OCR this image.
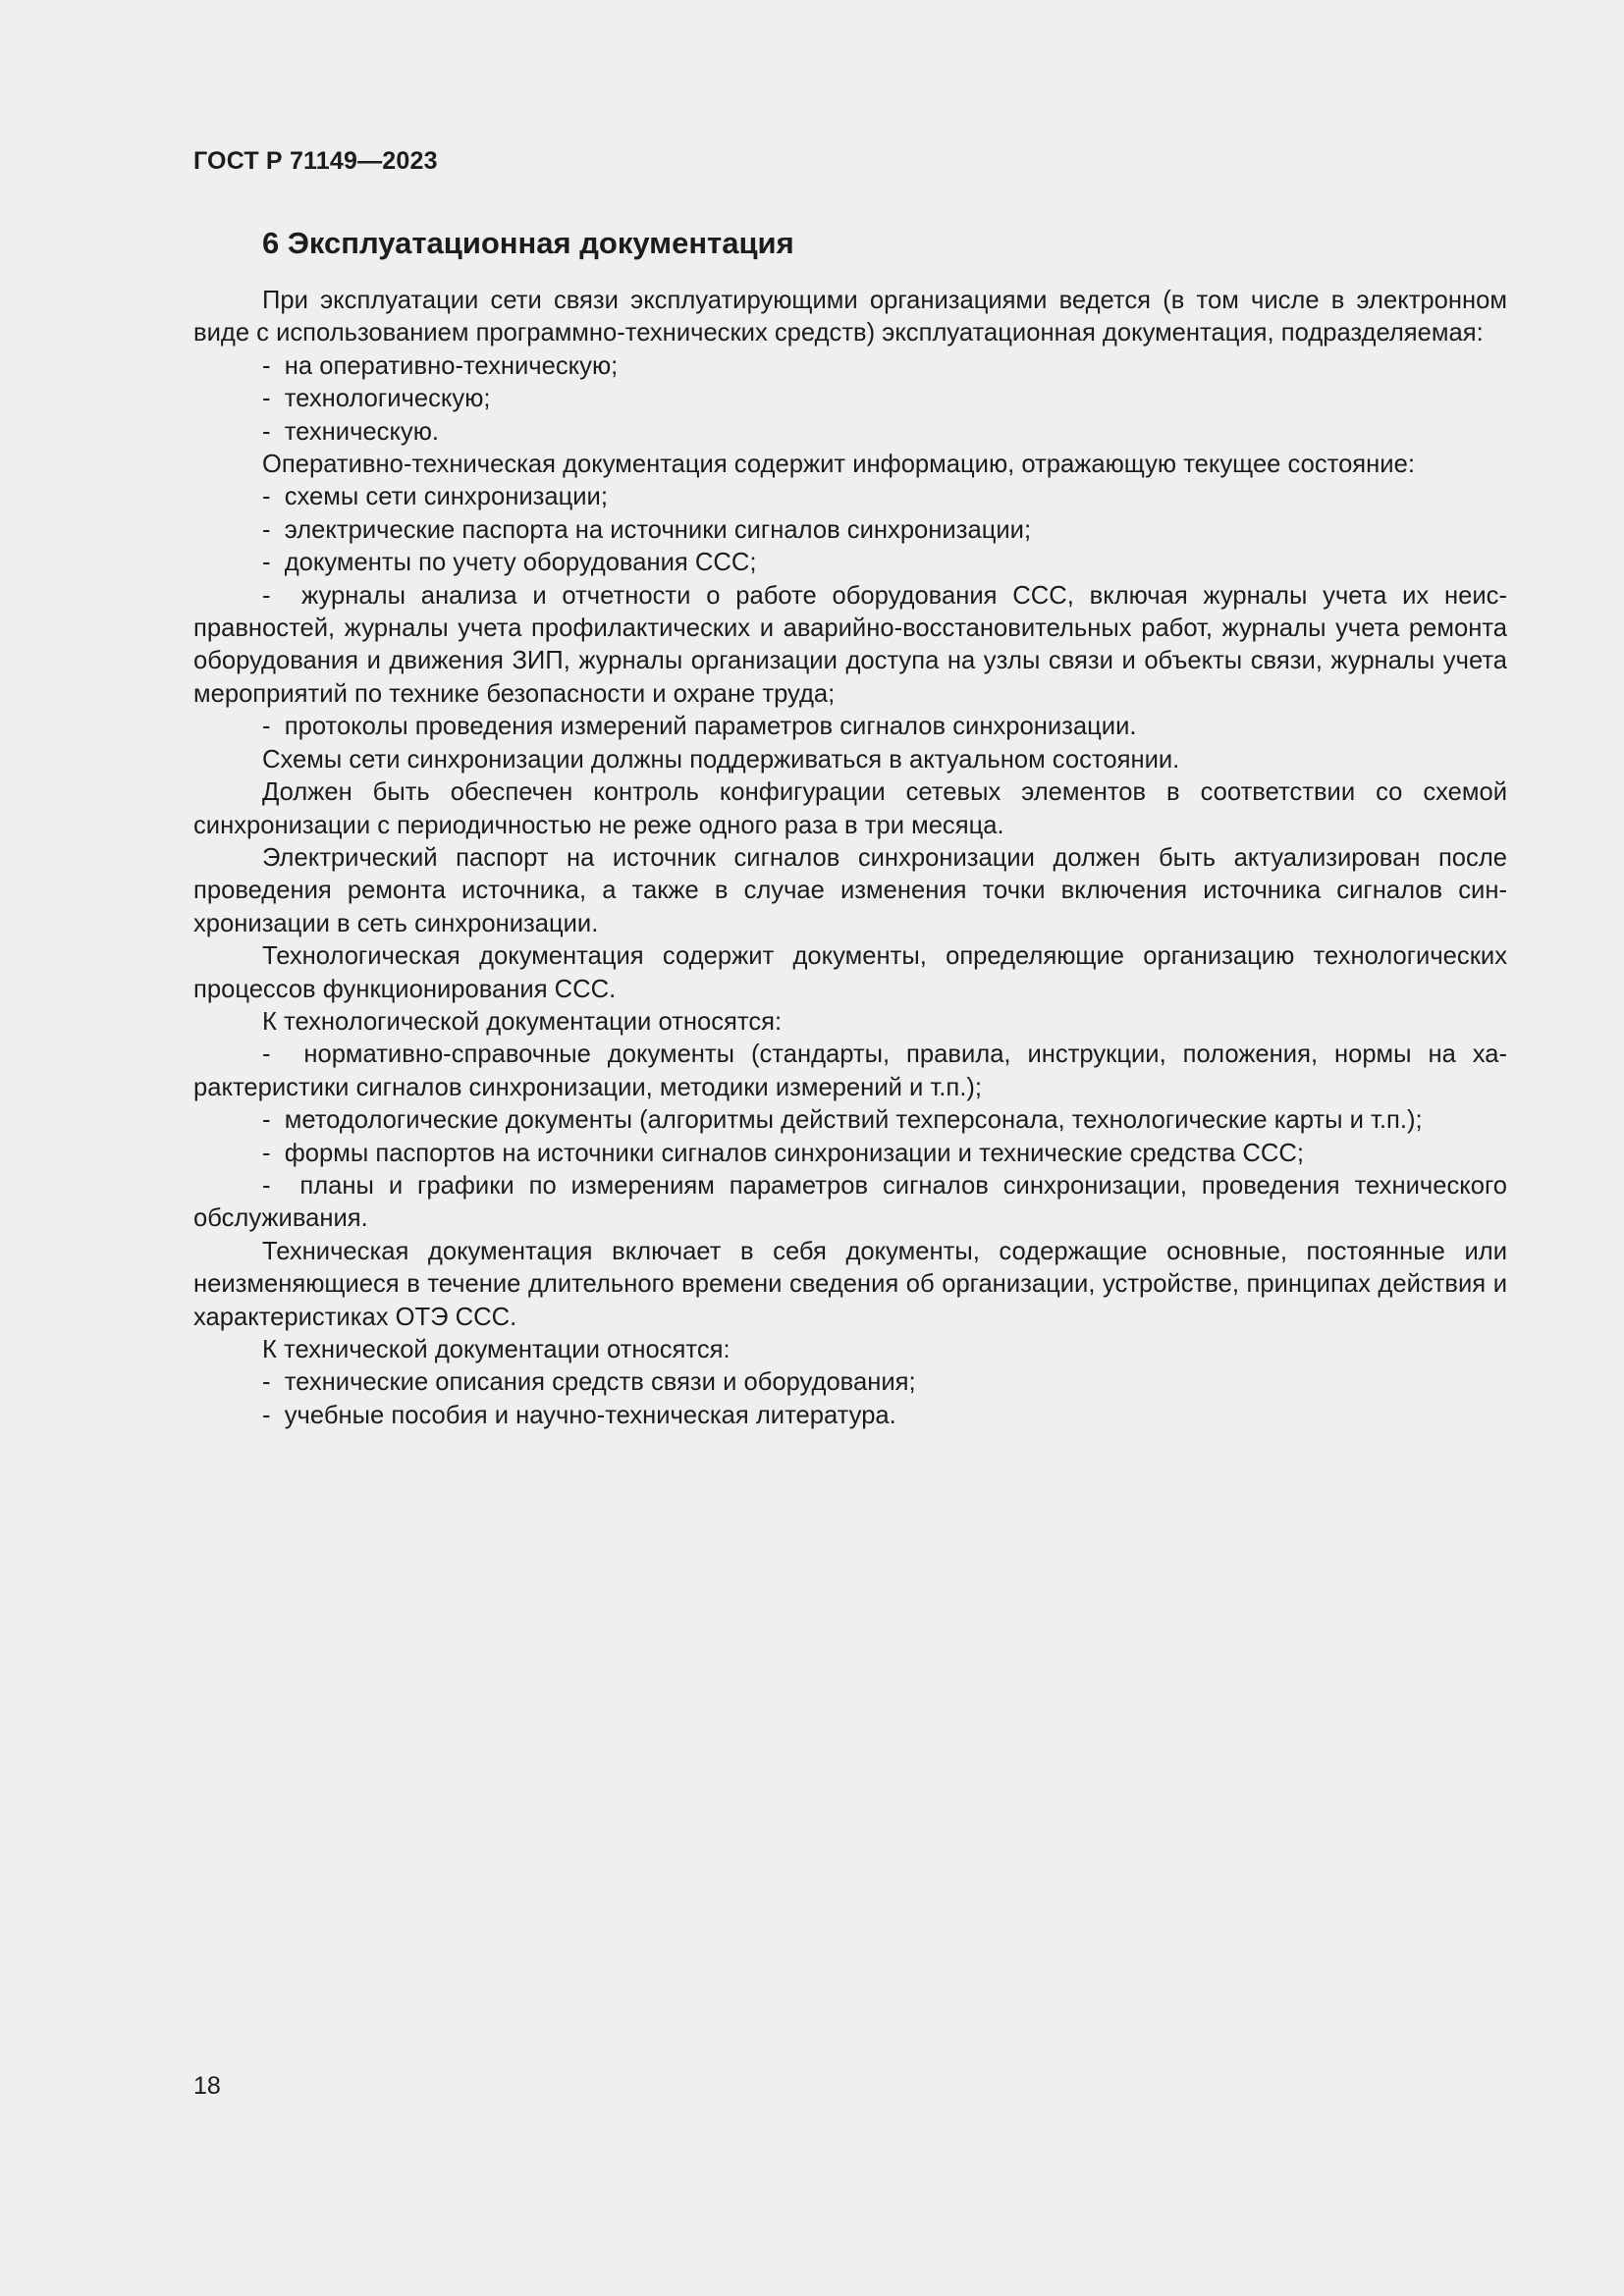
ГОСТ Р 71149—2023
6 Эксплуатационная документация

При эксплуатации сети связи эксплуатирующими организациями ведется (в том числе в электронном виде с использованием программно-технических средств) эксплуатационная документация, подразделяемая:

-  на оперативно-техническую;

-  технологическую;

-  техническую.

Оперативно-техническая документация содержит информацию, отражающую текущее состояние:

-  схемы сети синхронизации;

-  электрические паспорта на источники сигналов синхронизации;

-  документы по учету оборудования ССС;

-  журналы анализа и отчетности о работе оборудования ССС, включая журналы учета их неисправностей, журналы учета профилактических и аварийно-восстановительных работ, журналы учета ремонта оборудования и движения ЗИП, журналы организации доступа на узлы связи и объекты связи, журналы учета мероприятий по технике безопасности и охране труда;

-  протоколы проведения измерений параметров сигналов синхронизации.

Схемы сети синхронизации должны поддерживаться в актуальном состоянии.

Должен быть обеспечен контроль конфигурации сетевых элементов в соответствии со схемой синхронизации с периодичностью не реже одного раза в три месяца.

Электрический паспорт на источник сигналов синхронизации должен быть актуализирован после проведения ремонта источника, а также в случае изменения точки включения источника сигналов синхронизации в сеть синхронизации.

Технологическая документация содержит документы, определяющие организацию технологических процессов функционирования ССС.

К технологической документации относятся:

-  нормативно-справочные документы (стандарты, правила, инструкции, положения, нормы на характеристики сигналов синхронизации, методики измерений и т.п.);

-  методологические документы (алгоритмы действий техперсонала, технологические карты и т.п.);

-  формы паспортов на источники сигналов синхронизации и технические средства ССС;

-  планы и графики по измерениям параметров сигналов синхронизации, проведения технического обслуживания.

Техническая документация включает в себя документы, содержащие основные, постоянные или неизменяющиеся в течение длительного времени сведения об организации, устройстве, принципах действия и характеристиках ОТЭ ССС.

К технической документации относятся:

-  технические описания средств связи и оборудования;

-  учебные пособия и научно-техническая литература.

18
